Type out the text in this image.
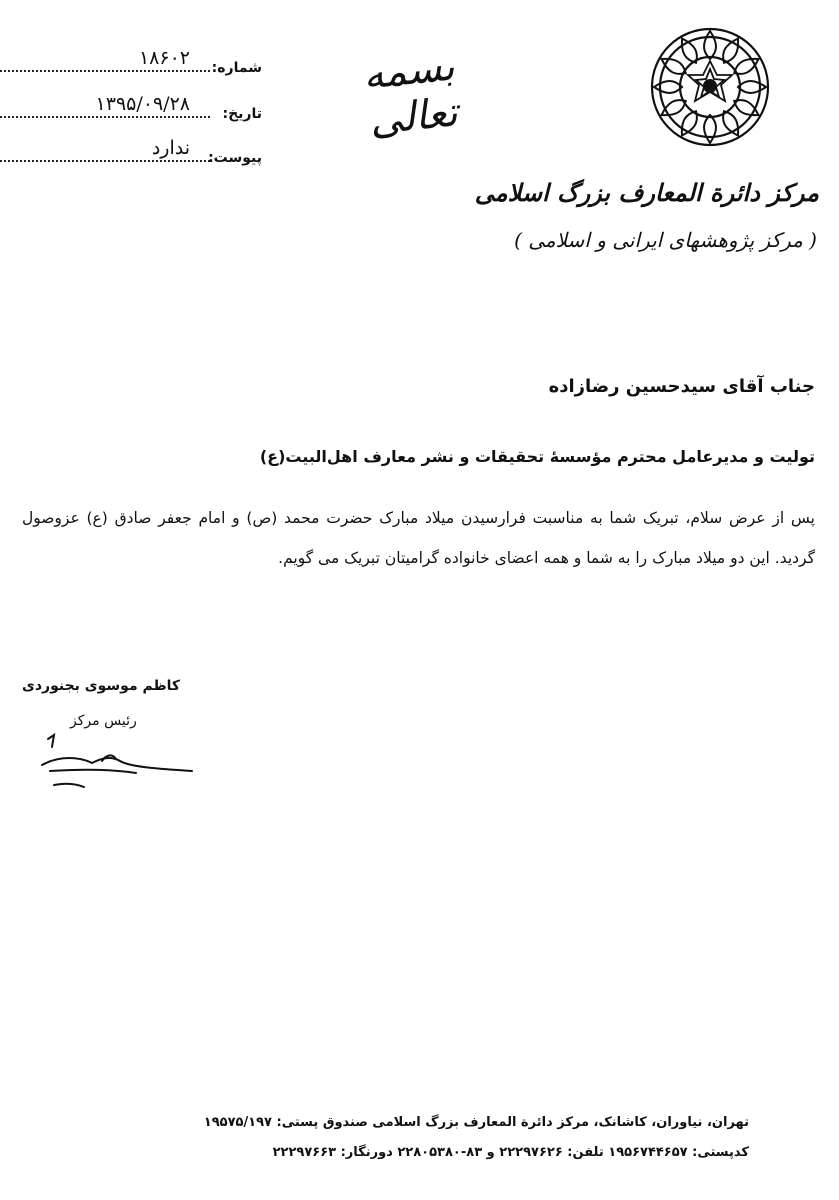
شماره:
۱۸۶۰۲
تاریخ:
۱۳۹۵/۰۹/۲۸
پیوست:
ندارد
بسمه تعالی
مرکز دائرة المعارف بزرگ اسلامی
( مرکز پژوهشهای ایرانی و اسلامی )
جناب آقای سیدحسین رضازاده
تولیت و مدیرعامل محترم مؤسسهٔ تحقیقات و نشر معارف اهل‌البیت(ع)
پس از عرض سلام، تبریک شما به مناسبت فرارسیدن میلاد مبارک حضرت محمد (ص) و امام جعفر صادق (ع) عزوصول گردید. این دو میلاد مبارک را به شما و همه اعضای خانواده گرامیتان تبریک می گویم.
کاظم موسوی بجنوردی
رئیس مرکز
تهران، نیاوران، کاشانک، مرکز دائرة المعارف بزرگ اسلامی صندوق پستی: ۱۹۵۷۵/۱۹۷
کدپستی: ۱۹۵۶۷۴۴۶۵۷ تلفن: ۲۲۲۹۷۶۲۶ و ۸۳-۲۲۸۰۵۳۸۰ دورنگار: ۲۲۲۹۷۶۶۳
